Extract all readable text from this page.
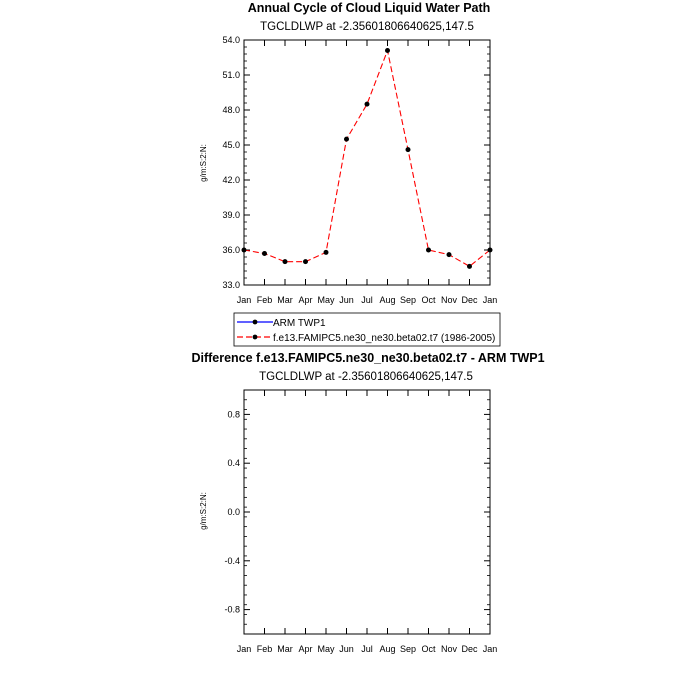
Annual Cycle of Cloud Liquid Water Path
TGCLDLWP at -2.35601806640625,147.5
g/m:S:2:N:
33.0
36.0
39.0
42.0
45.0
48.0
51.0
54.0
Jan Feb Mar Apr May Jun Jul Aug Sep Oct Nov Dec Jan
ARM TWP1
f.e13.FAMIPC5.ne30_ne30.beta02.t7 (1986-2005)
Difference f.e13.FAMIPC5.ne30_ne30.beta02.t7 - ARM TWP1
TGCLDLWP at -2.35601806640625,147.5
g/m:S:2:N:
-0.8
-0.4
0.0
0.4
0.8
Jan Feb Mar Apr May Jun Jul Aug Sep Oct Nov Dec Jan
